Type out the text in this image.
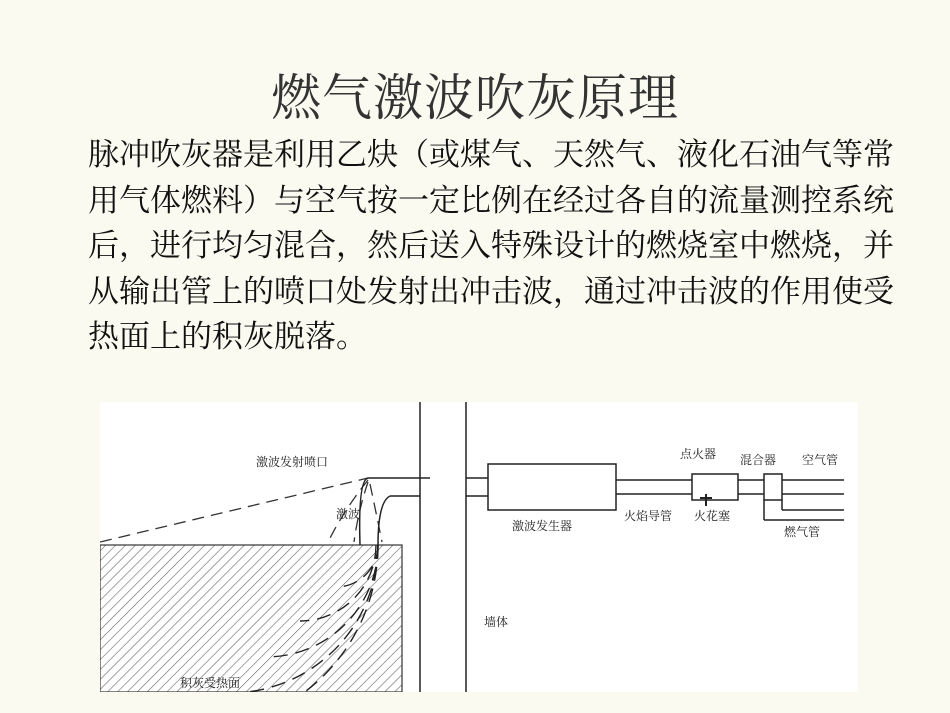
燃气激波吹灰原理
脉冲吹灰器是利用乙炔（或煤气、天然气、液化石油气等常用气体燃料）与空气按一定比例在经过各自的流量测控系统后，进行均匀混合，然后送入特殊设计的燃烧室中燃烧，并从输出管上的喷口处发射出冲击波，通过冲击波的作用使受热面上的积灰脱落。
激波发射喷口
激波
激波发生器
点火器 混合器 空气管
火焰导管 火花塞
燃气管
墙体
积灰受热面
